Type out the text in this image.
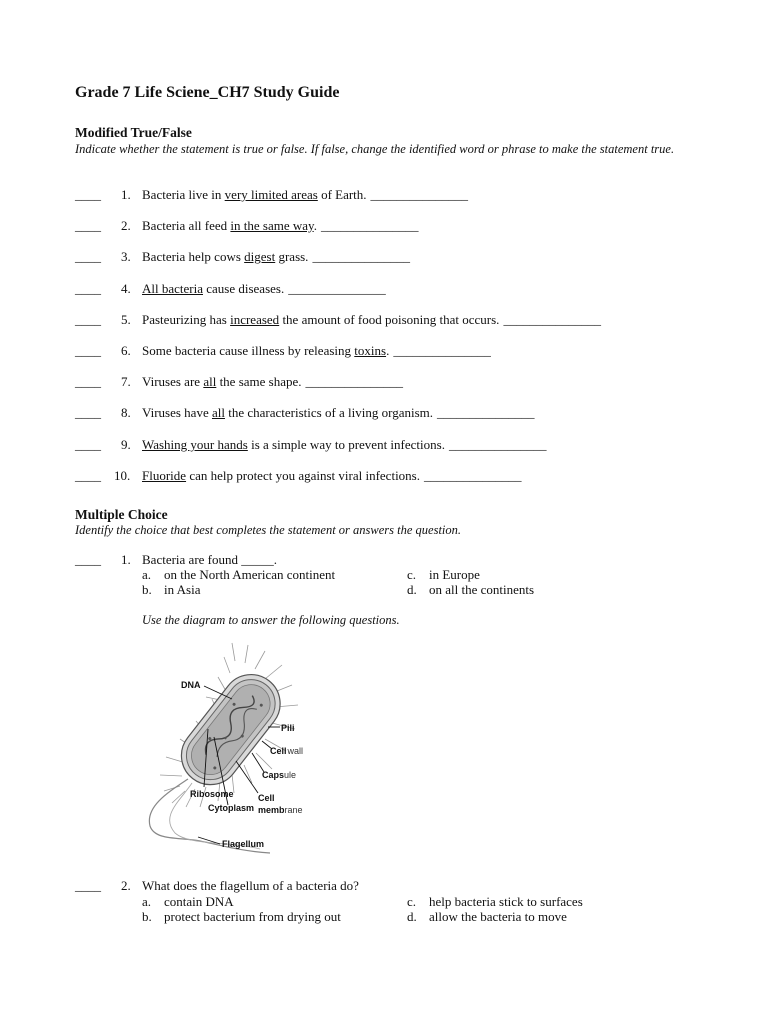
Grade 7 Life Sciene_CH7 Study Guide
Modified True/False
Indicate whether the statement is true or false. If false, change the identified word or phrase to make the statement true.
____ 1. Bacteria live in very limited areas of Earth. _______________
____ 2. Bacteria all feed in the same way. _______________
____ 3. Bacteria help cows digest grass. _______________
____ 4. All bacteria cause diseases. _______________
____ 5. Pasteurizing has increased the amount of food poisoning that occurs. _______________
____ 6. Some bacteria cause illness by releasing toxins. _______________
____ 7. Viruses are all the same shape. _______________
____ 8. Viruses have all the characteristics of a living organism. _______________
____ 9. Washing your hands is a simple way to prevent infections. _______________
____ 10. Fluoride can help protect you against viral infections. _______________
Multiple Choice
Identify the choice that best completes the statement or answers the question.
____ 1. Bacteria are found _____.
a. on the North American continent
b. in Asia
c. in Europe
d. on all the continents
Use the diagram to answer the following questions.
DNA
Pili
Cellwall
Capsule
Ribosome	Cell
Cytoplasm membrane
Flagellum
____ 2. What does the flagellum of a bacteria do?
a. contain DNA
b. protect bacterium from drying out
c. help bacteria stick to surfaces
d. allow the bacteria to move
